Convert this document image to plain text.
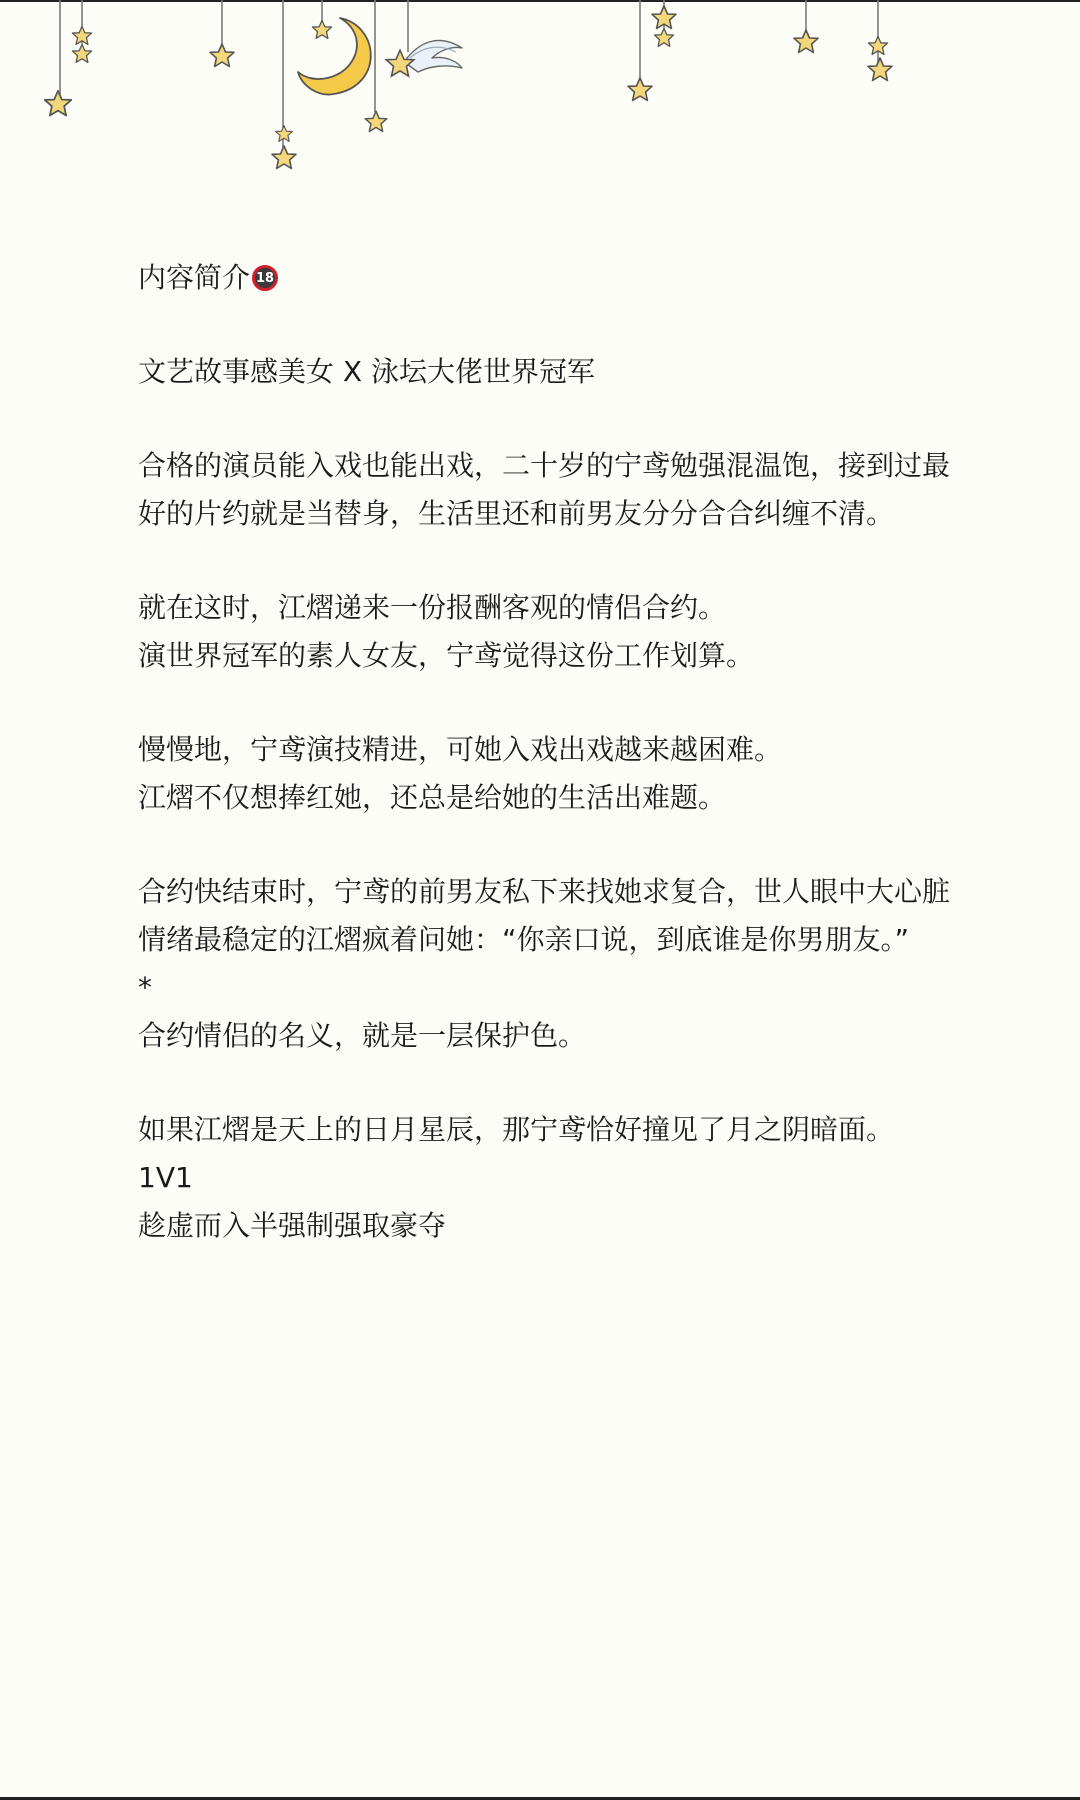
内容简介 18

文艺故事感美女 X 泳坛大佬世界冠军

合格的演员能入戏也能出戏，二十岁的宁鸢勉强混温饱，接到过最好的片约就是当替身，生活里还和前男友分分合合纠缠不清。

就在这时，江熠递来一份报酬客观的情侣合约。

演世界冠军的素人女友，宁鸢觉得这份工作划算。

慢慢地，宁鸢演技精进，可她入戏出戏越来越困难。

江熠不仅想捧红她，还总是给她的生活出难题。

合约快结束时，宁鸢的前男友私下来找她求复合，世人眼中大心脏情绪最稳定的江熠疯着问她：“你亲口说，到底谁是你男朋友。”

*

合约情侣的名义，就是一层保护色。

如果江熠是天上的日月星辰，那宁鸢恰好撞见了月之阴暗面。

1V1

趁虚而入半强制强取豪夺
